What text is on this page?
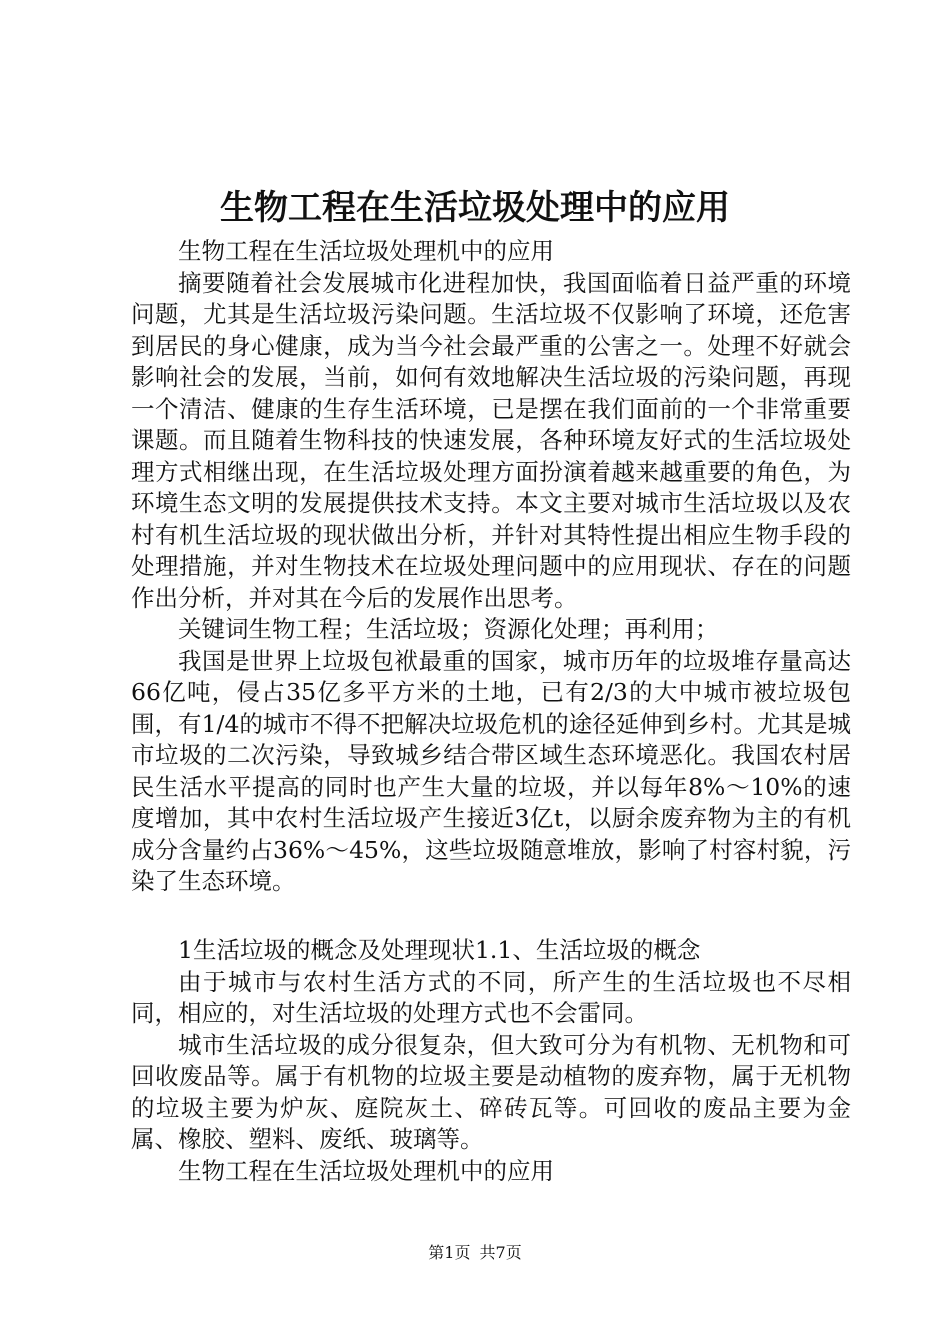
生物工程在生活垃圾处理中的应用

生物工程在生活垃圾处理机中的应用

摘要随着社会发展城市化进程加快，我国面临着日益严重的环境问题，尤其是生活垃圾污染问题。生活垃圾不仅影响了环境，还危害到居民的身心健康，成为当今社会最严重的公害之一。处理不好就会影响社会的发展，当前，如何有效地解决生活垃圾的污染问题，再现一个清洁、健康的生存生活环境，已是摆在我们面前的一个非常重要课题。而且随着生物科技的快速发展，各种环境友好式的生活垃圾处理方式相继出现，在生活垃圾处理方面扮演着越来越重要的角色，为环境生态文明的发展提供技术支持。本文主要对城市生活垃圾以及农村有机生活垃圾的现状做出分析，并针对其特性提出相应生物手段的处理措施，并对生物技术在垃圾处理问题中的应用现状、存在的问题作出分析，并对其在今后的发展作出思考。

关键词生物工程；生活垃圾；资源化处理；再利用；

我国是世界上垃圾包袱最重的国家，城市历年的垃圾堆存量高达66亿吨，侵占35亿多平方米的土地，已有2/3的大中城市被垃圾包围，有1/4的城市不得不把解决垃圾危机的途径延伸到乡村。尤其是城市垃圾的二次污染，导致城乡结合带区域生态环境恶化。我国农村居民生活水平提高的同时也产生大量的垃圾，并以每年8%～10%的速度增加，其中农村生活垃圾产生接近3亿t，以厨余废弃物为主的有机成分含量约占36%～45%，这些垃圾随意堆放，影响了村容村貌，污染了生态环境。

1生活垃圾的概念及处理现状1.1、生活垃圾的概念

由于城市与农村生活方式的不同，所产生的生活垃圾也不尽相同，相应的，对生活垃圾的处理方式也不会雷同。

城市生活垃圾的成分很复杂，但大致可分为有机物、无机物和可回收废品等。属于有机物的垃圾主要是动植物的废弃物，属于无机物的垃圾主要为炉灰、庭院灰土、碎砖瓦等。可回收的废品主要为金属、橡胶、塑料、废纸、玻璃等。

生物工程在生活垃圾处理机中的应用

第1页 共7页
